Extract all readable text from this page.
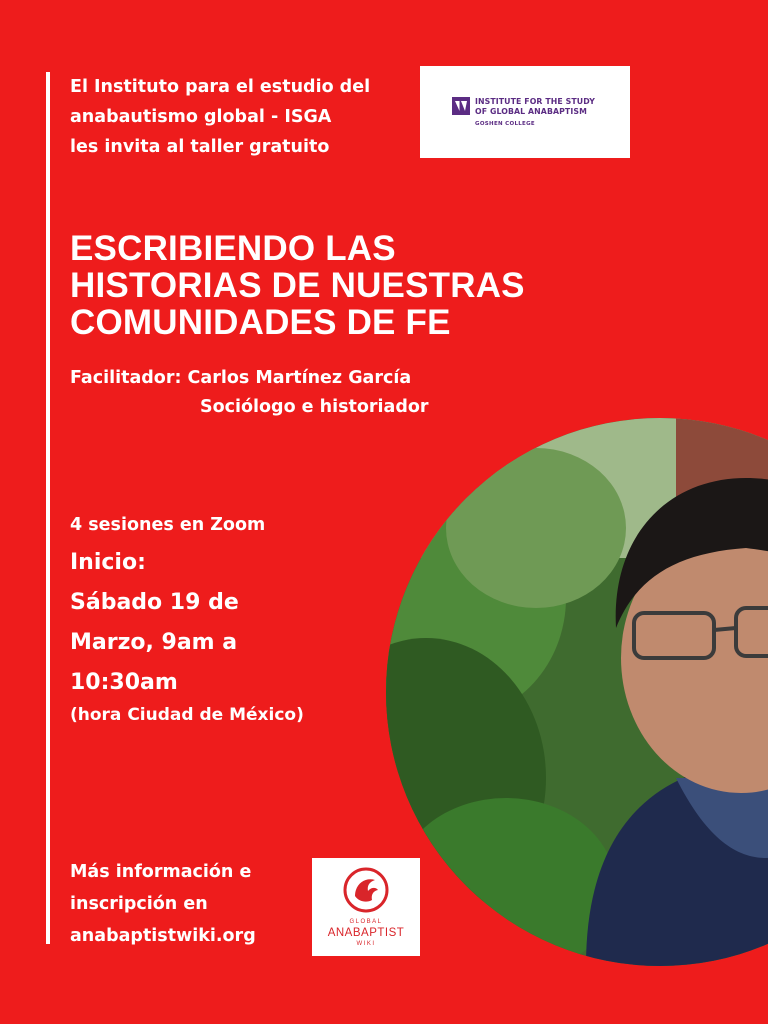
El Instituto para el estudio del
anabautismo global - ISGA
les invita al taller gratuito

INSTITUTE FOR THE STUDY
OF GLOBAL ANABAPTISM
GOSHEN COLLEGE
ESCRIBIENDO LAS
HISTORIAS DE NUESTRAS
COMUNIDADES DE FE
Facilitador: Carlos Martínez García
Sociólogo e historiador
4 sesiones en Zoom

Inicio:
Sábado 19 de
Marzo, 9am a
10:30am

(hora Ciudad de México)
Más información e
inscripción en
anabaptistwiki.org
GLOBAL
ANABAPTIST
WIKI
